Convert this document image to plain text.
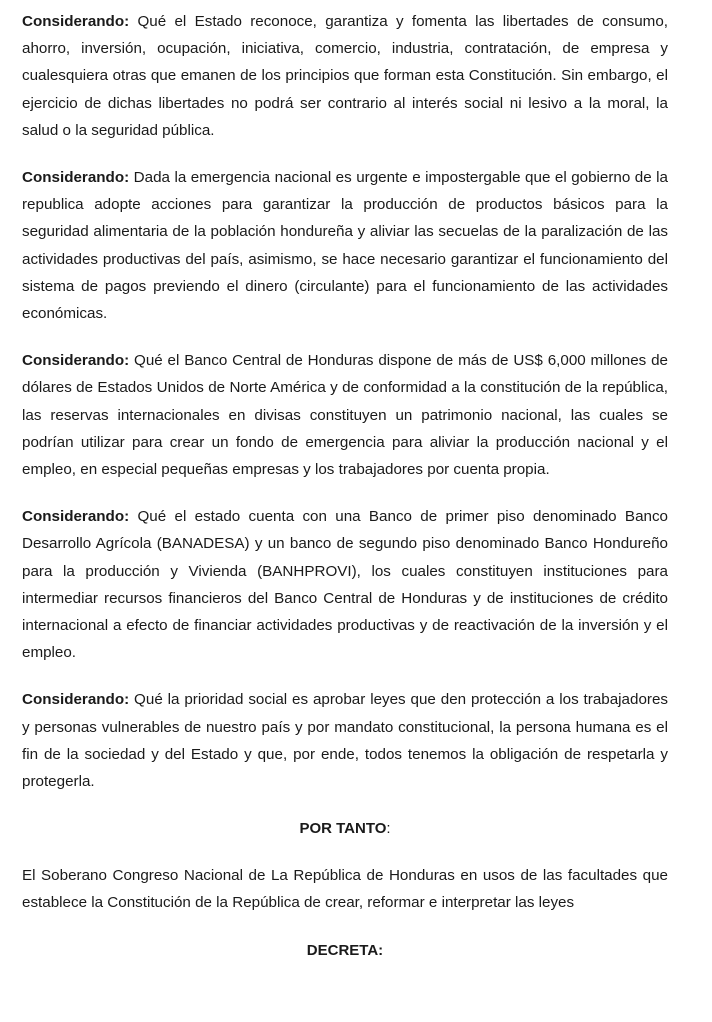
Considerando: Qué el Estado reconoce, garantiza y fomenta las libertades de consumo, ahorro, inversión, ocupación, iniciativa, comercio, industria, contratación, de empresa y cualesquiera otras que emanen de los principios que forman esta Constitución. Sin embargo, el ejercicio de dichas libertades no podrá ser contrario al interés social ni lesivo a la moral, la salud o la seguridad pública.

Considerando: Dada la emergencia nacional es urgente e impostergable que el gobierno de la republica adopte acciones para garantizar la producción de productos básicos para la seguridad alimentaria de la población hondureña y aliviar las secuelas de la paralización de las actividades productivas del país, asimismo, se hace necesario garantizar el funcionamiento del sistema de pagos previendo el dinero (circulante) para el funcionamiento de las actividades económicas.

Considerando: Qué el Banco Central de Honduras dispone de más de US$ 6,000 millones de dólares de Estados Unidos de Norte América y de conformidad a la constitución de la república, las reservas internacionales en divisas constituyen un patrimonio nacional, las cuales se podrían utilizar para crear un fondo de emergencia para aliviar la producción nacional y el empleo, en especial pequeñas empresas y los trabajadores por cuenta propia.

Considerando: Qué el estado cuenta con una Banco de primer piso denominado Banco Desarrollo Agrícola (BANADESA) y un banco de segundo piso denominado Banco Hondureño para la producción y Vivienda (BANHPROVI), los cuales constituyen instituciones para intermediar recursos financieros del Banco Central de Honduras y de instituciones de crédito internacional a efecto de financiar actividades productivas y de reactivación de la inversión y el empleo.

Considerando: Qué la prioridad social es aprobar leyes que den protección a los trabajadores y personas vulnerables de nuestro país y por mandato constitucional, la persona humana es el fin de la sociedad y del Estado y que, por ende, todos tenemos la obligación de respetarla y protegerla.

POR TANTO:

El Soberano Congreso Nacional de La República de Honduras en usos de las facultades que establece la Constitución de la República de crear, reformar e interpretar las leyes

DECRETA:
